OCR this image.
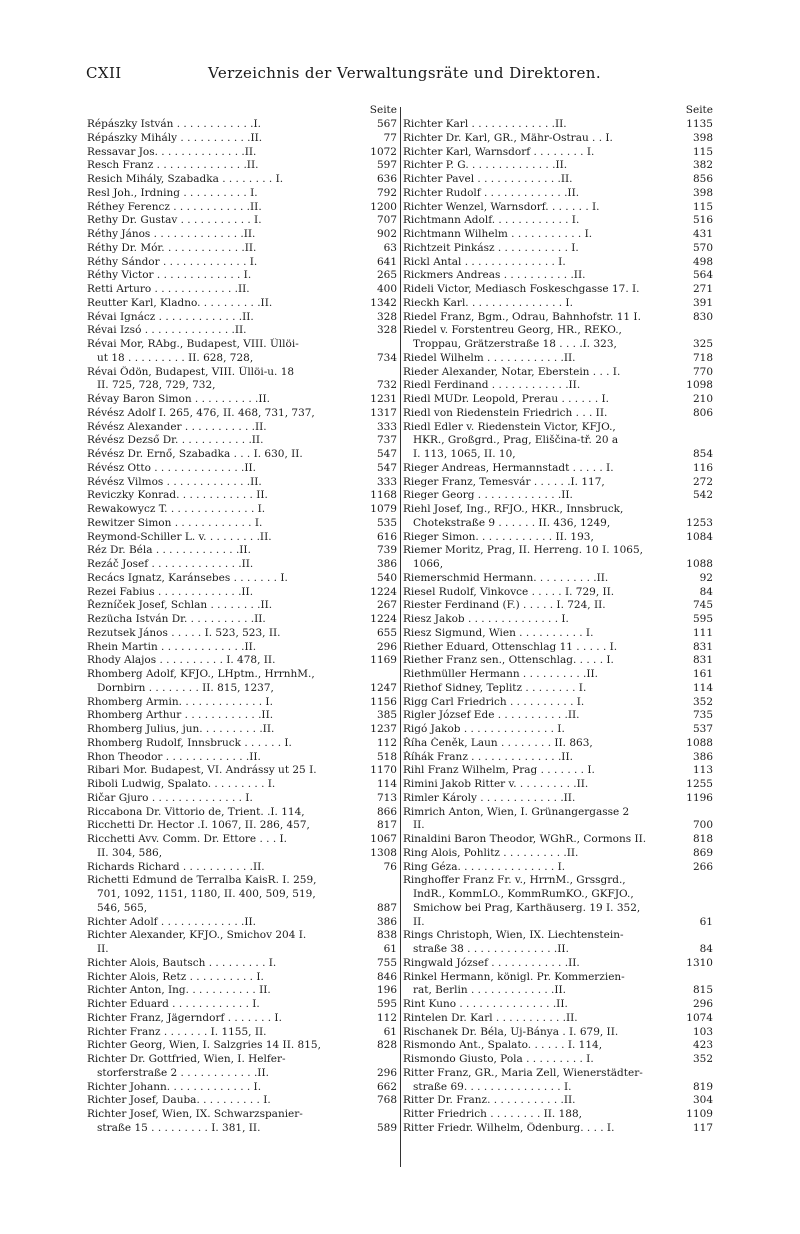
CXII	Verzeichnis der Verwaltungsräte und Direktoren.
Seite
Répászky István . . . . . . . . . . . .I.	567
Répászky Mihály . . . . . . . . . . .II.	77
Ressavar Jos. . . . . . . . . . . . . .II.	1072
Resch Franz . . . . . . . . . . . . . .II.	597
Resich Mihály, Szabadka . . . . . . . . I.	636
Resl Joh., Irdning . . . . . . . . . . I.	792
Réthey Ferencz . . . . . . . . . . . .II.	1200
Rethy Dr. Gustav . . . . . . . . . . . I.	707
Réthy János . . . . . . . . . . . . . .II.	902
Réthy Dr. Mór. . . . . . . . . . . . .II.	63
Réthy Sándor . . . . . . . . . . . . . I.	641
Réthy Victor . . . . . . . . . . . . . I.	265
Retti Arturo . . . . . . . . . . . . .II.	400
Reutter Karl, Kladno. . . . . . . . . .II.	1342
Révai Ignácz . . . . . . . . . . . . .II.	328
Révai Izsó . . . . . . . . . . . . . .II.	328
Révai Mor, RAbg., Budapest, VIII. Üllöi-
ut 18 . . . . . . . . . II. 628, 728,	734
Révai Ödön, Budapest, VIII. Üllöi-u. 18
II. 725, 728, 729, 732,	732
Révay Baron Simon . . . . . . . . . .II.	1231
Révész Adolf I. 265, 476, II. 468, 731, 737,	1317
Révész Alexander . . . . . . . . . . .II.	333
Révész Dezső Dr. . . . . . . . . . . .II.	737
Révész Dr. Ernő, Szabadka . . . I. 630, II.	547
Révész Otto . . . . . . . . . . . . . .II.	547
Révész Vilmos . . . . . . . . . . . . .II.	333
Reviczky Konrad. . . . . . . . . . . . II.	1168
Rewakowycz T. . . . . . . . . . . . . . I.	1079
Rewitzer Simon . . . . . . . . . . . . I.	535
Reymond-Schiller L. v. . . . . . . . .II.	616
Réz Dr. Béla . . . . . . . . . . . . .II.	739
Rezáč Josef . . . . . . . . . . . . . .II.	386
Recács Ignatz, Karánsebes . . . . . . . I.	540
Rezei Fabius . . . . . . . . . . . . .II.	1224
Řezníček Josef, Schlan . . . . . . . .II.	267
Rezücha István Dr. . . . . . . . . . .II.	1224
Rezutsek János . . . . . I. 523, 523, II.	655
Rhein Martin . . . . . . . . . . . . .II.	296
Rhody Alajos . . . . . . . . . . I. 478, II.	1169
Rhomberg Adolf, KFJO., LHptm., HrrnhM.,
Dornbirn . . . . . . . . II. 815, 1237,	1247
Rhomberg Armin. . . . . . . . . . . . . I.	1156
Rhomberg Arthur . . . . . . . . . . . .II.	385
Rhomberg Julius, jun. . . . . . . . . .II.	1237
Rhomberg Rudolf, Innsbruck . . . . . . I.	112
Rhon Theodor . . . . . . . . . . . . .II.	518
Ribari Mor. Budapest, VI. Andrássy ut 25 I.	1170
Riboli Ludwig, Spalato. . . . . . . . . I.	114
Ričar Gjuro . . . . . . . . . . . . . . I.	713
Riccabona Dr. Vittorio de, Trient. .I. 114,	866
Ricchetti Dr. Hector .I. 1067, II. 286, 457,	817
Ricchetti Avv. Comm. Dr. Ettore . . . I.	1067
II. 304, 586,	1308
Richards Richard . . . . . . . . . . .II.	76
Richetti Edmund de Terralba KaisR. I. 259,
701, 1092, 1151, 1180, II. 400, 509, 519,
546, 565,	887
Richter Adolf . . . . . . . . . . . . .II.	386
Richter Alexander, KFJO., Smichov 204 I.	838
II.	61
Richter Alois, Bautsch . . . . . . . . . I.	755
Richter Alois, Retz . . . . . . . . . . I.	846
Richter Anton, Ing. . . . . . . . . . . II.	196
Richter Eduard . . . . . . . . . . . . I.	595
Richter Franz, Jägerndorf . . . . . . . I.	112
Richter Franz . . . . . . . I. 1155, II.	61
Richter Georg, Wien, I. Salzgries 14 II. 815,	828
Richter Dr. Gottfried, Wien, I. Helfer-
storferstraße 2 . . . . . . . . . . . .II.	296
Richter Johann. . . . . . . . . . . . . I.	662
Richter Josef, Dauba. . . . . . . . . . I.	768
Richter Josef, Wien, IX. Schwarzspanier-
straße 15 . . . . . . . . . I. 381, II.	589
Seite
Richter Karl . . . . . . . . . . . . .II.	1135
Richter Dr. Karl, GR., Mähr-Ostrau . . I.	398
Richter Karl, Warnsdorf . . . . . . . . I.	115
Richter P. G. . . . . . . . . . . . . .II.	382
Richter Pavel . . . . . . . . . . . . .II.	856
Richter Rudolf . . . . . . . . . . . . .II.	398
Richter Wenzel, Warnsdorf. . . . . . . I.	115
Richtmann Adolf. . . . . . . . . . . . I.	516
Richtmann Wilhelm . . . . . . . . . . . I.	431
Richtzeit Pinkász . . . . . . . . . . . I.	570
Rickl Antal . . . . . . . . . . . . . . I.	498
Rickmers Andreas . . . . . . . . . . .II.	564
Rideli Victor, Mediasch Foskeschgasse 17. I.	271
Rieckh Karl. . . . . . . . . . . . . . . I.	391
Riedel Franz, Bgm., Odrau, Bahnhofstr. 11 I.	830
Riedel v. Forstentreu Georg, HR., REKO.,
Troppau, Grätzerstraße 18 . . . .I. 323,	325
Riedel Wilhelm . . . . . . . . . . . .II.	718
Rieder Alexander, Notar, Eberstein . . . I.	770
Riedl Ferdinand . . . . . . . . . . . .II.	1098
Riedl MUDr. Leopold, Prerau . . . . . . I.	210
Riedl von Riedenstein Friedrich . . . II.	806
Riedl Edler v. Riedenstein Victor, KFJO.,
HKR., Großgrd., Prag, Eliščina-tř. 20 a
I. 113, 1065, II. 10,	854
Rieger Andreas, Hermannstadt . . . . . I.	116
Rieger Franz, Temesvár . . . . . .I. 117,	272
Rieger Georg . . . . . . . . . . . . .II.	542
Riehl Josef, Ing., RFJO., HKR., Innsbruck,
Chotekstraße 9 . . . . . . II. 436, 1249,	1253
Rieger Simon. . . . . . . . . . . . II. 193,	1084
Riemer Moritz, Prag, II. Herreng. 10 I. 1065,
1066,	1088
Riemerschmid Hermann. . . . . . . . . .II.	92
Riesel Rudolf, Vinkovce . . . . . I. 729, II.	84
Riester Ferdinand (F.) . . . . . I. 724, II.	745
Riesz Jakob . . . . . . . . . . . . . . I.	595
Riesz Sigmund, Wien . . . . . . . . . . I.	111
Riether Eduard, Ottenschlag 11 . . . . . I.	831
Riether Franz sen., Ottenschlag. . . . . I.	831
Riethmüller Hermann . . . . . . . . . .II.	161
Riethof Sidney, Teplitz . . . . . . . . I.	114
Rigg Carl Friedrich . . . . . . . . . . I.	352
Rigler József Ede . . . . . . . . . . .II.	735
Rigó Jakob . . . . . . . . . . . . . . I.	537
Říha Čeněk, Laun . . . . . . . . II. 863,	1088
Říhák Franz . . . . . . . . . . . . . .II.	386
Rihl Franz Wilhelm, Prag . . . . . . . I.	113
Rimini Jakob Ritter v. . . . . . . . . .II.	1255
Rimler Károly . . . . . . . . . . . . .II.	1196
Rimrich Anton, Wien, I. Grünangergasse 2
II.	700
Rinaldini Baron Theodor, WGhR., Cormons II.	818
Ring Alois, Pohlitz . . . . . . . . . .II.	869
Ring Géza. . . . . . . . . . . . . . . I.	266
Ringhoffer Franz Fr. v., HrrnM., Grssgrd.,
IndR., KommLO., KommRumKO., GKFJO.,
Smichow bei Prag, Karthäuserg. 19 I. 352,
II.	61
Rings Christoph, Wien, IX. Liechtenstein-
straße 38 . . . . . . . . . . . . . .II.	84
Ringwald József . . . . . . . . . . . .II.	1310
Rinkel Hermann, königl. Pr. Kommerzien-
rat, Berlin . . . . . . . . . . . . .II.	815
Rint Kuno . . . . . . . . . . . . . . .II.	296
Rintelen Dr. Karl . . . . . . . . . . .II.	1074
Rischanek Dr. Béla, Uj-Bánya . I. 679, II.	103
Rismondo Ant., Spalato. . . . . . I. 114,	423
Rismondo Giusto, Pola . . . . . . . . . I.	352
Ritter Franz, GR., Maria Zell, Wienerstädter-
straße 69. . . . . . . . . . . . . . . I.	819
Ritter Dr. Franz. . . . . . . . . . . .II.	304
Ritter Friedrich . . . . . . . . II. 188,	1109
Ritter Friedr. Wilhelm, Ödenburg. . . . I.	117
